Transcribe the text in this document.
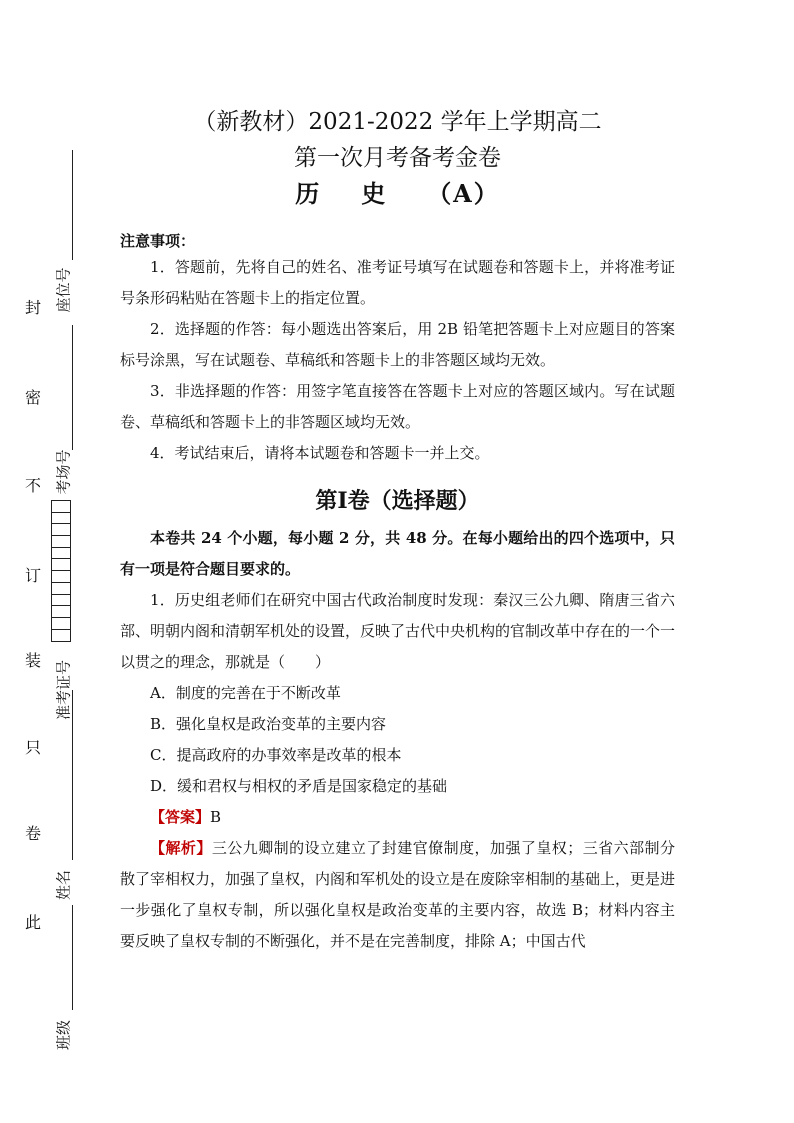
封
密
不
订
装
只
卷
此
座位号
考场号
准考证号
姓名
班级
（新教材）2021-2022 学年上学期高二
第一次月考备考金卷
历 史 （A）
注意事项：

1．答题前，先将自己的姓名、准考证号填写在试题卷和答题卡上，并将准考证号条形码粘贴在答题卡上的指定位置。

2．选择题的作答：每小题选出答案后，用 2B 铅笔把答题卡上对应题目的答案标号涂黑，写在试题卷、草稿纸和答题卡上的非答题区域均无效。

3．非选择题的作答：用签字笔直接答在答题卡上对应的答题区域内。写在试题卷、草稿纸和答题卡上的非答题区域均无效。

4．考试结束后，请将本试题卷和答题卡一并上交。

第Ⅰ卷（选择题）

本卷共 24 个小题，每小题 2 分，共 48 分。在每小题给出的四个选项中，只有一项是符合题目要求的。

1．历史组老师们在研究中国古代政治制度时发现：秦汉三公九卿、隋唐三省六部、明朝内阁和清朝军机处的设置，反映了古代中央机构的官制改革中存在的一个一以贯之的理念，那就是（　　）

A．制度的完善在于不断改革
B．强化皇权是政治变革的主要内容
C．提高政府的办事效率是改革的根本
D．缓和君权与相权的矛盾是国家稳定的基础

【答案】B

【解析】三公九卿制的设立建立了封建官僚制度，加强了皇权；三省六部制分散了宰相权力，加强了皇权，内阁和军机处的设立是在废除宰相制的基础上，更是进一步强化了皇权专制，所以强化皇权是政治变革的主要内容，故选 B；材料内容主要反映了皇权专制的不断强化，并不是在完善制度，排除 A；中国古代
